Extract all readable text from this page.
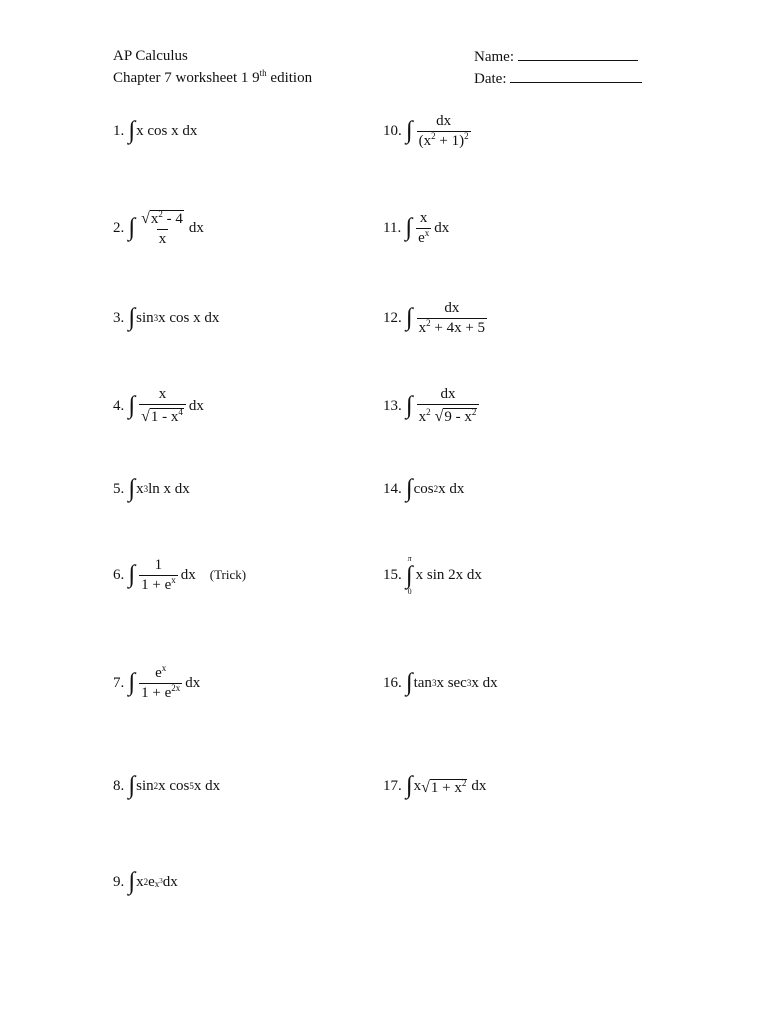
AP Calculus
Chapter 7 worksheet 1 9th edition
Name:
Date:
1. ∫ x cos x dx
2. ∫ $\frac{√ x^2 - 4}{x}$ dx
3. ∫ sin 3 x cos x dx
4. ∫ $\frac{x}{√ 1 - x^4}$ dx
5. ∫ x 3 ln x dx
6. ∫ $\frac{1}{1 + e^x}$ dx (Trick)
7. ∫ $\frac{e^x}{1 + e^{2x}}$ dx
8. ∫ sin 2 x cos 5 x dx
9. ∫ x 2 e $x^3$ dx
10. ∫ $\frac{dx}{(x^2 + 1)^2}$
11. ∫ $\frac{x}{e^x}$ dx
12. ∫ $\frac{dx}{x^2 + 4x + 5}$
13. ∫ $\frac{dx}{x^2 √ 9 - x^2}$
14. ∫ cos 2 x dx
15.
π
∫
0
x sin 2x dx
16. ∫ tan 3 x sec 3 x dx
17. ∫ x √ $1 + x^2$ dx
